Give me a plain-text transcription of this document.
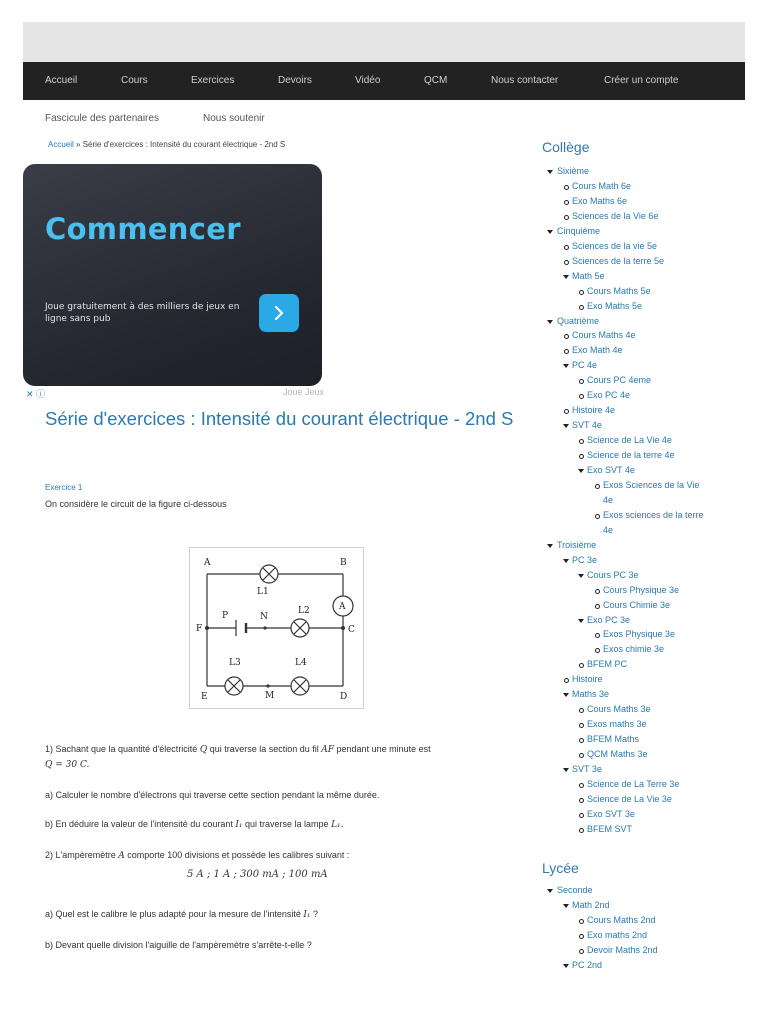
Accueil	Cours	Exercices	Devoirs	Vidéo	QCM	Nous contacter	Créer un compte
Fascicule des partenaires	Nous soutenir
Accueil » Série d'exercices : Intensité du courant électrique - 2nd S
Commencer
Joue gratuitement à des milliers de jeux en ligne sans pub
✕ ⓘ	Joue Jeux
Série d'exercices : Intensité du courant électrique - 2nd S
Exercice 1
On considère le circuit de la figure ci-dessous
A	B
F	C
E	M	D
P	N
L1
L2
L3	L4
A
1) Sachant que la quantité d'électricité Q qui traverse la section du fil AF pendant une minute est
Q = 30 C.
a) Calculer le nombre d'électrons qui traverse cette section pendant la même durée.
b) En déduire la valeur de l'intensité du courant I₁ qui traverse la lampe L₁.
2) L'ampèremètre A comporte 100 divisions et possède les calibres suivant :
5 A ; 1 A ; 300 mA ; 100 mA
a) Quel est le calibre le plus adapté pour la mesure de l'intensité I₁ ?
b) Devant quelle division l'aiguille de l'ampèremètre s'arrête-t-elle ?
Collège
Sixième
Cours Math 6e
Exo Maths 6e
Sciences de la Vie 6e
Cinquième
Sciences de la vie 5e
Sciences de la terre 5e
Math 5e
Cours Maths 5e
Exo Maths 5e
Quatrième
Cours Maths 4e
Exo Math 4e
PC 4e
Cours PC 4eme
Exo PC 4e
Histoire 4e
SVT 4e
Science de La Vie 4e
Science de la terre 4e
Exo SVT 4e
Exos Sciences de la Vie
4e
Exos sciences de la terre
4e
Troisième
PC 3e
Cours PC 3e
Cours Physique 3e
Cours Chimie 3e
Exo PC 3e
Exos Physique 3e
Exos chimie 3e
BFEM PC
Histoire
Maths 3e
Cours Maths 3e
Exos maths 3e
BFEM Maths
QCM Maths 3e
SVT 3e
Science de La Terre 3e
Science de La Vie 3e
Exo SVT 3e
BFEM SVT
Lycée
Seconde
Math 2nd
Cours Maths 2nd
Exo maths 2nd
Devoir Maths 2nd
PC 2nd
